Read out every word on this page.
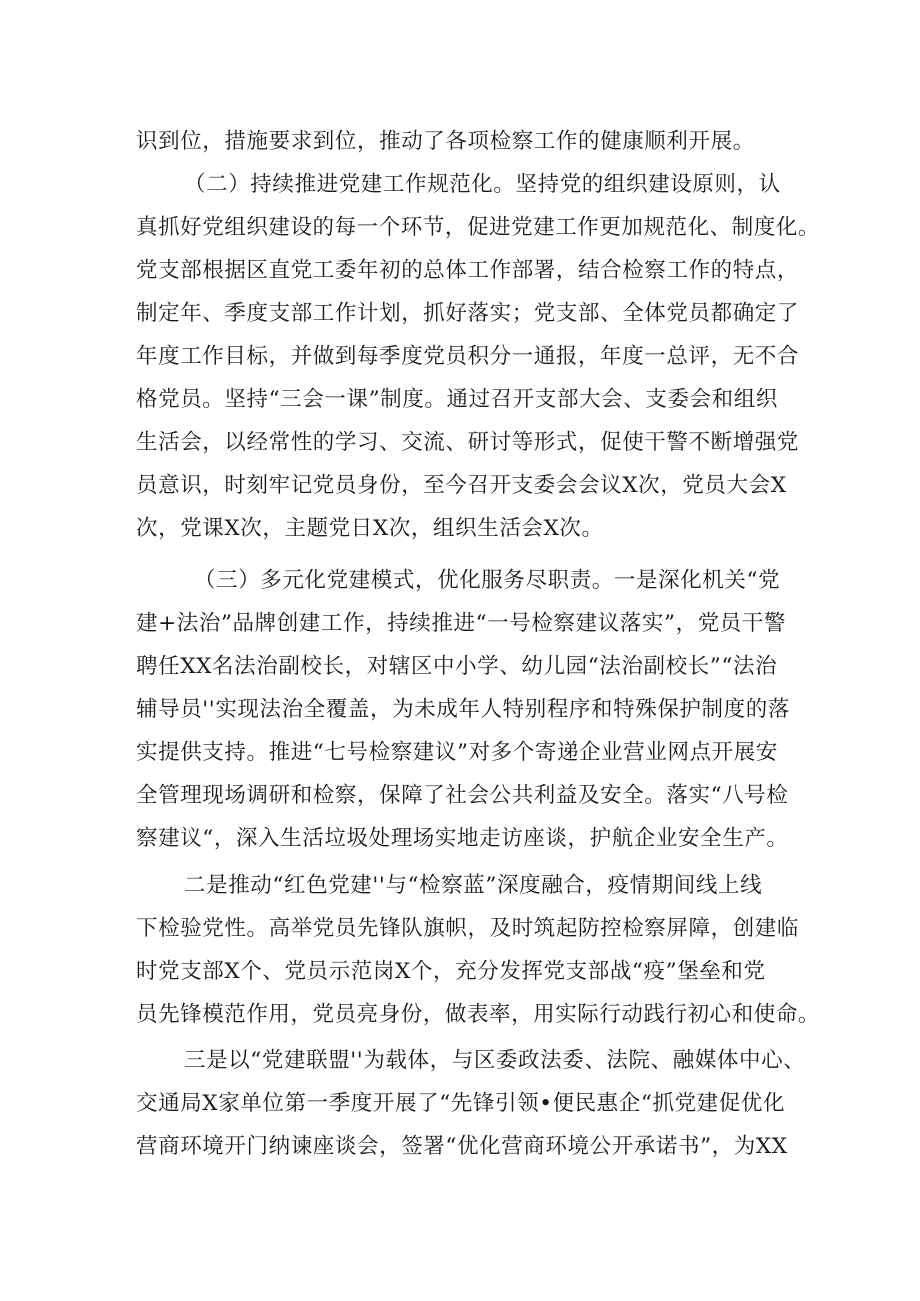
识到位，措施要求到位，推动了各项检察工作的健康顺利开展。
（二）持续推进党建工作规范化。坚持党的组织建设原则，认
真抓好党组织建设的每一个环节，促进党建工作更加规范化、制度化。
党支部根据区直党工委年初的总体工作部署，结合检察工作的特点，
制定年、季度支部工作计划，抓好落实；党支部、全体党员都确定了
年度工作目标，并做到每季度党员积分一通报，年度一总评，无不合
格党员。坚持“三会一课”制度。通过召开支部大会、支委会和组织
生活会，以经常性的学习、交流、研讨等形式，促使干警不断增强党
员意识，时刻牢记党员身份，至今召开支委会会议X次，党员大会X
次，党课X次，主题党日X次，组织生活会X次。
（三）多元化党建模式，优化服务尽职责。一是深化机关“党
建+法治”品牌创建工作，持续推进“一号检察建议落实”，党员干警
聘任XX名法治副校长，对辖区中小学、幼儿园“法治副校长”“法治
辅导员''实现法治全覆盖，为未成年人特别程序和特殊保护制度的落
实提供支持。推进“七号检察建议”对多个寄递企业营业网点开展安
全管理现场调研和检察，保障了社会公共利益及安全。落实“八号检
察建议“，深入生活垃圾处理场实地走访座谈，护航企业安全生产。
二是推动“红色党建''与“检察蓝”深度融合，疫情期间线上线
下检验党性。高举党员先锋队旗帜，及时筑起防控检察屏障，创建临
时党支部X个、党员示范岗X个，充分发挥党支部战“疫”堡垒和党
员先锋模范作用，党员亮身份，做表率，用实际行动践行初心和使命。
三是以“党建联盟''为载体，与区委政法委、法院、融媒体中心、
交通局X家单位第一季度开展了“先锋引领•便民惠企“抓党建促优化
营商环境开门纳谏座谈会，签署“优化营商环境公开承诺书”，为XX
